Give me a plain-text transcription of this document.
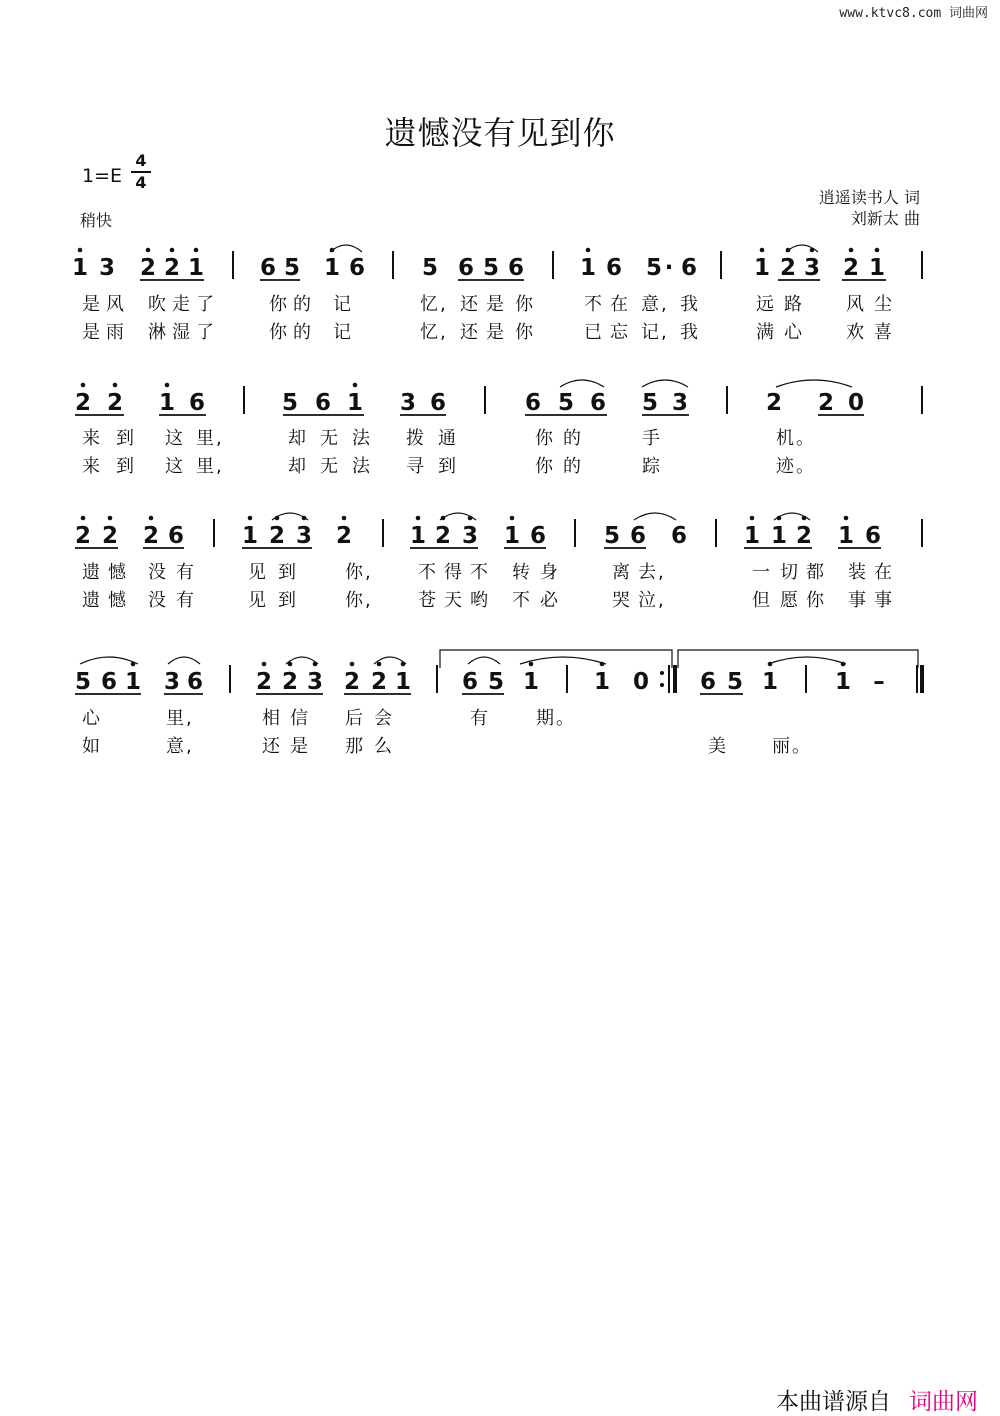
www.ktvc8.com 词曲网
遗憾没有见到你
1=E
4
4
稍快
逍遥读书人 词
刘新太 曲
1 3 2 2 1 6 5 1 6 5 6 5 6 1 6 5 · 6 1 2 3 2 1
是 风 吹 走 了	你 的 记	忆, 还 是 你	不 在 意, 我	远 路 风 尘
是 雨 淋 湿 了	你 的 记	忆, 还 是 你	已 忘 记, 我	满 心 欢 喜
2 2 1 6	5 6 1 3 6	6 5 6 5 3	2 2 0
来 到 这 里,	却 无 法 拨 通	你 的	手	机。
来 到 这 里,	却 无 法 寻 到	你 的	踪	迹。
2 2 2 6	1 2 3 2	1 2 3 1 6	5 6 6 1 1 2 1 6
遗 憾 没 有	见 到	你,	不 得 不 转 身	离 去,	一 切 都 装 在
遗 憾 没 有	见 到	你,	苍 天 哟 不 必	哭 泣,	但 愿 你 事 事
5 6 1 3 6 2 2 3 2 2 1 6 5 1 1 0 6 5 1 1 –
心	里,	相 信 后 会	有	期。
如	意,	还 是 那 么	美 丽。
本曲谱源自 词曲网
